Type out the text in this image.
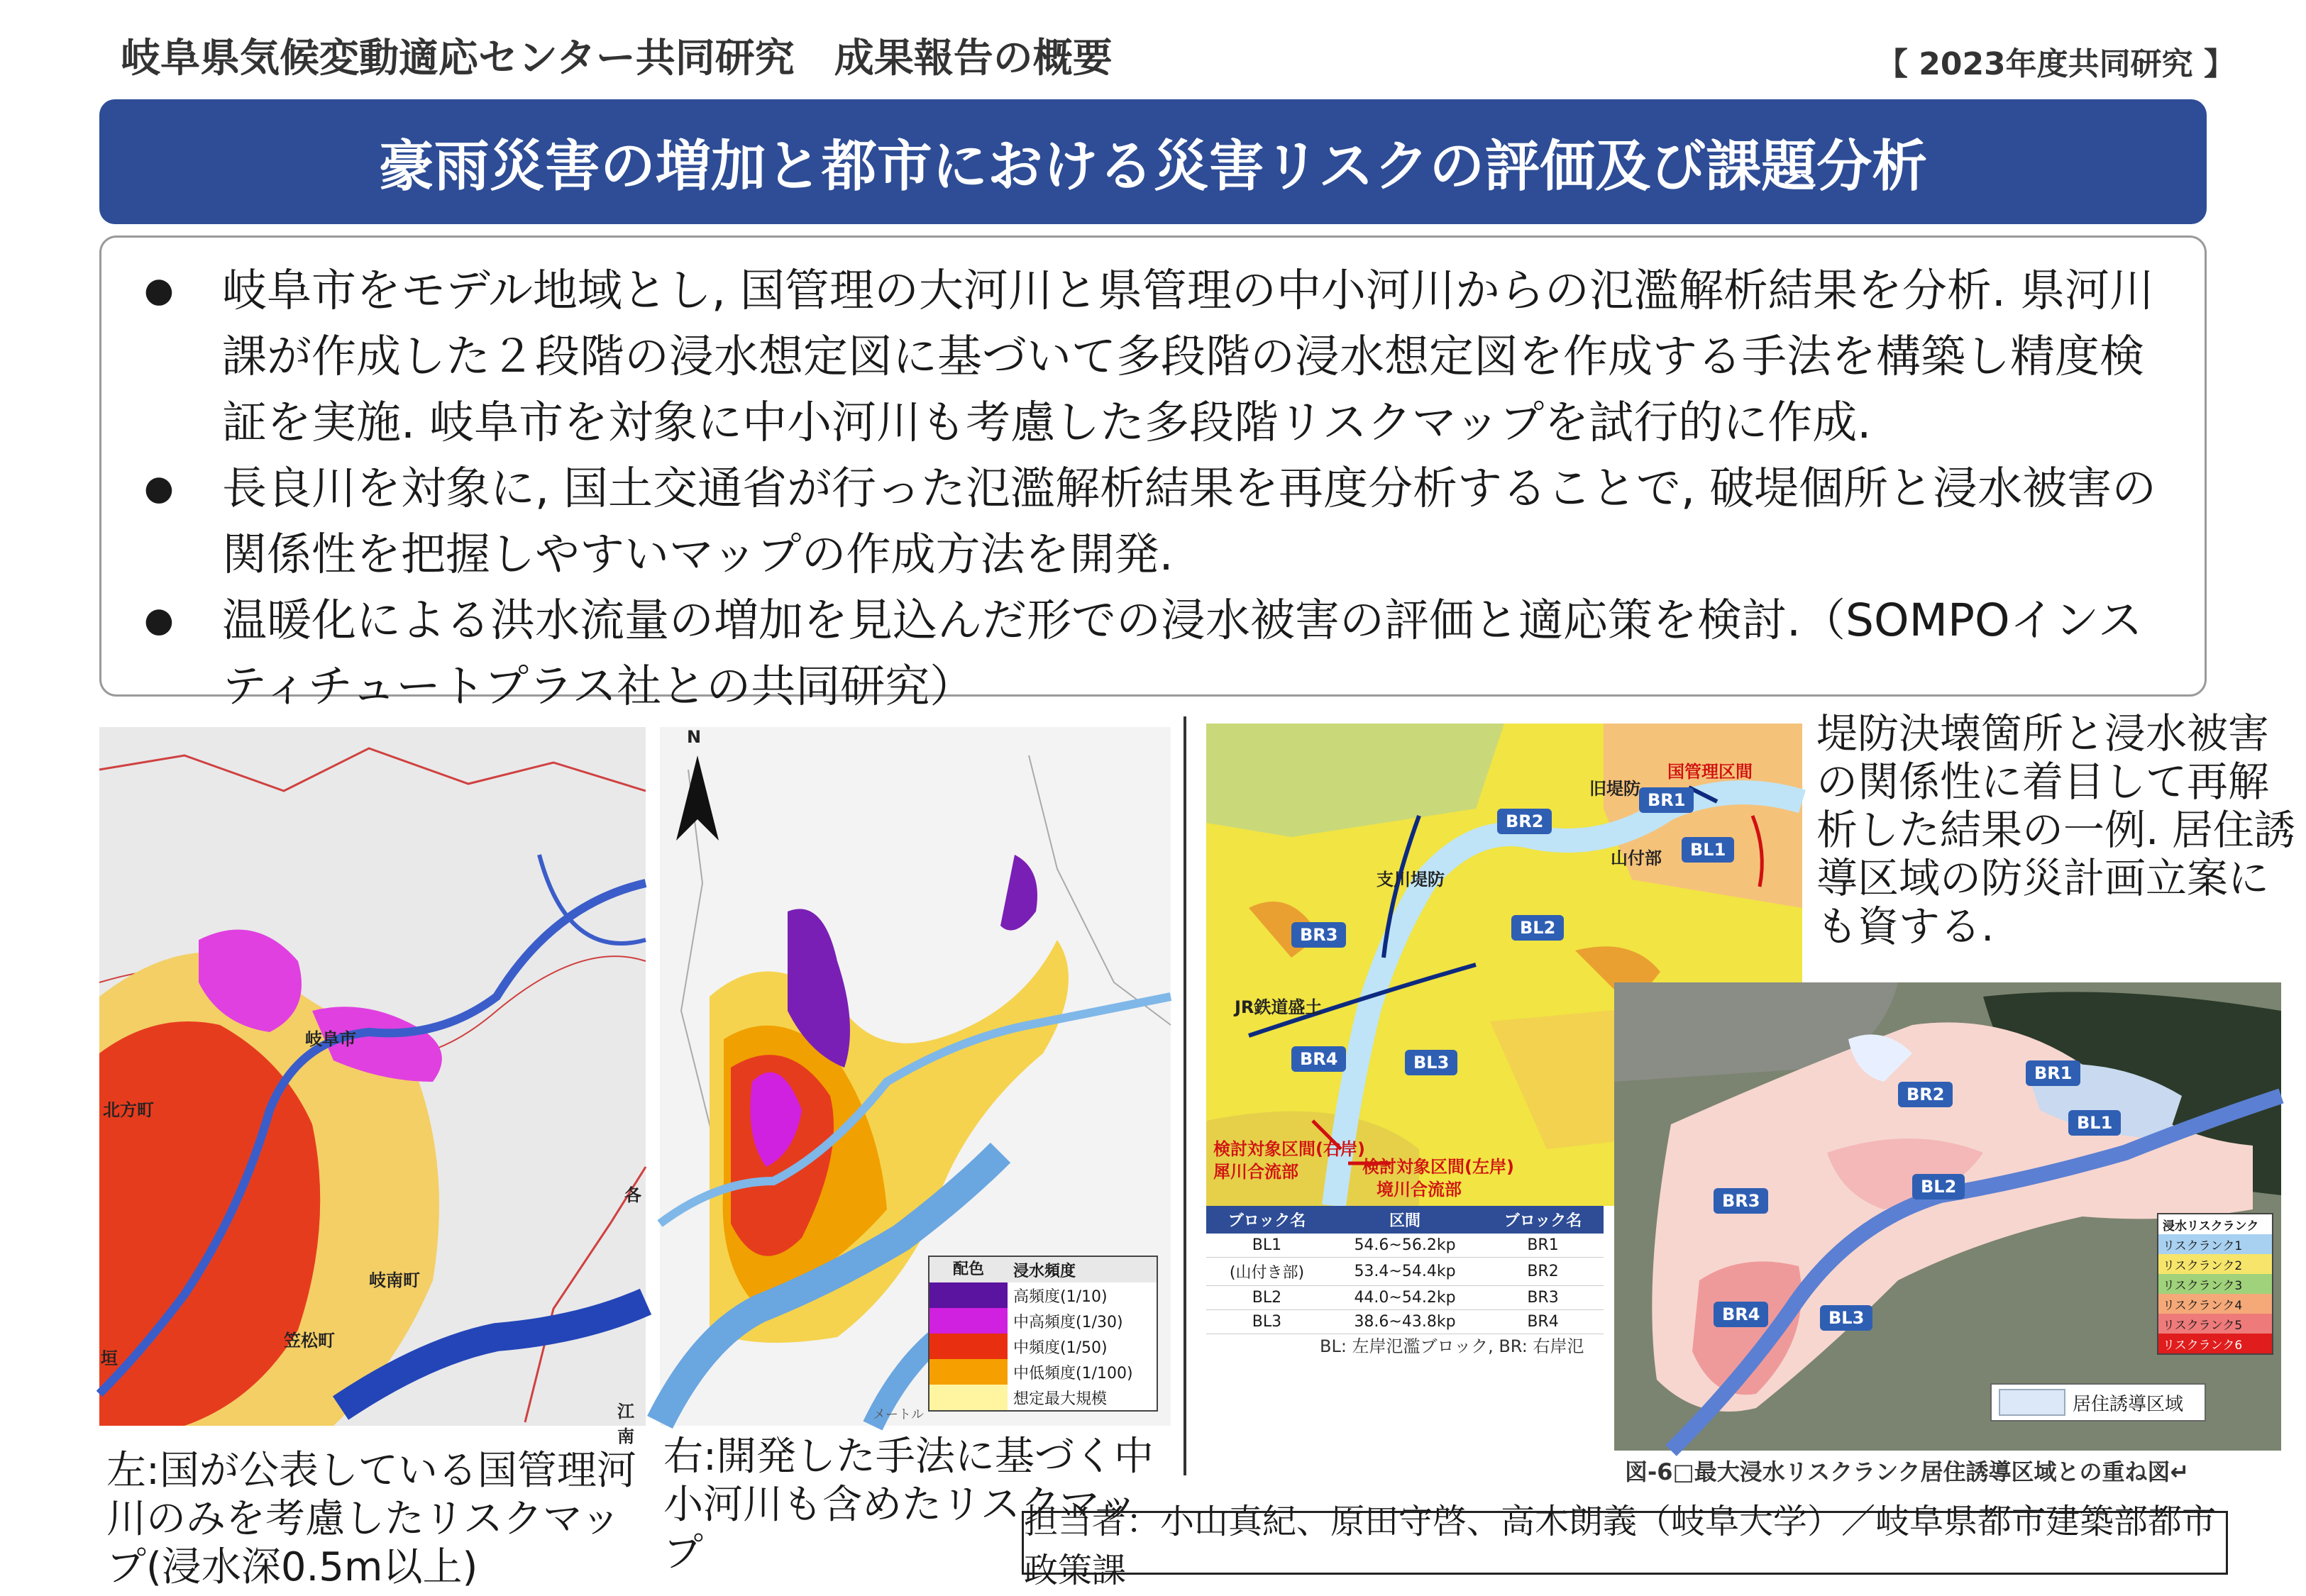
岐阜県気候変動適応センター共同研究　成果報告の概要	【 2023年度共同研究 】
豪雨災害の増加と都市における災害リスクの評価及び課題分析
●	岐阜市をモデル地域とし, 国管理の大河川と県管理の中小河川からの氾濫解析結果を分析. 県河川課が作成した２段階の浸水想定図に基づいて多段階の浸水想定図を作成する手法を構築し精度検証を実施. 岐阜市を対象に中小河川も考慮した多段階リスクマップを試行的に作成.
●	長良川を対象に, 国土交通省が行った氾濫解析結果を再度分析することで, 破堤個所と浸水被害の関係性を把握しやすいマップの作成方法を開発.
●	温暖化による洪水流量の増加を見込んだ形での浸水被害の評価と適応策を検討.（SOMPOインスティチュートプラス社との共同研究）
岐阜市
北方町
岐南町
笠松町
各
江南
垣
左:国が公表している国管理河川のみを考慮したリスクマップ(浸水深0.5m以上)
N
配色	浸水頻度
高頻度(1/10)
中高頻度(1/30)
中頻度(1/50)
中低頻度(1/100)
想定最大規模
メートル
右:開発した手法に基づく中小河川も含めたリスクマップ
BR1
BR2
BR3
BR4
BL1
BL2
BL3
旧堤防
国管理区間
山付部
支川堤防
JR鉄道盛土
検討対象区間(右岸)
犀川合流部	検討対象区間(左岸)
境川合流部
ブロック名	区間	ブロック名
BL1	54.6~56.2kp	BR1
(山付き部)	53.4~54.4kp	BR2
BL2	44.0~54.2kp	BR3
BL3	38.6~43.8kp	BR4
BL: 左岸氾濫ブロック, BR: 右岸氾
堤防決壊箇所と浸水被害の関係性に着目して再解析した結果の一例. 居住誘導区域の防災計画立案にも資する.
BR1
BR2
BL1
BL2
BR3
BR4	BL3
浸水リスクランク
リスクランク1
リスクランク2
リスクランク3
リスクランク4
リスクランク5
リスクランク6
居住誘導区域
図-6□最大浸水リスクランク居住誘導区域との重ね図↵
担当者：小山真紀、原田守啓、高木朗義（岐阜大学）／岐阜県都市建築部都市政策課
